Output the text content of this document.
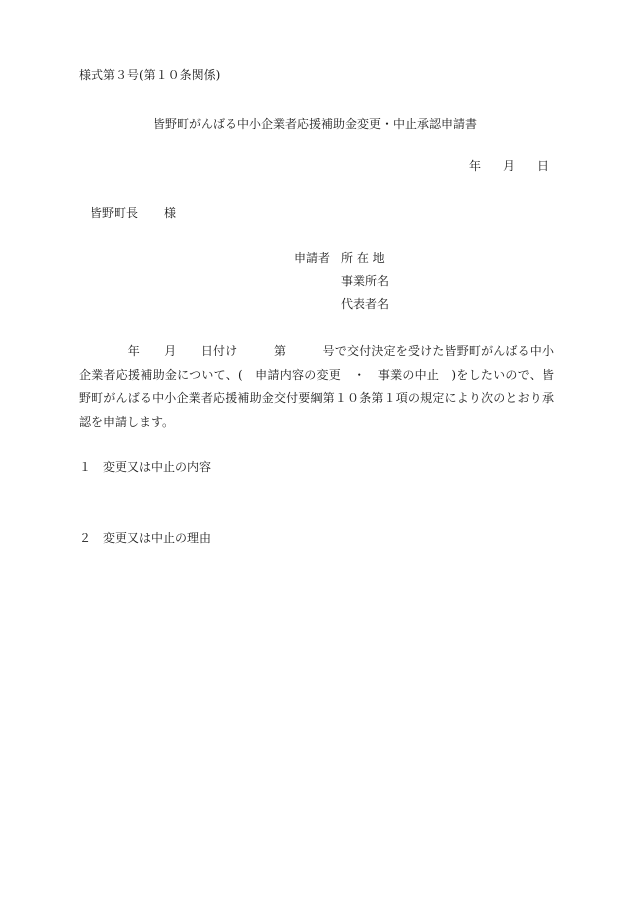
様式第３号(第１０条関係)
皆野町がんばる中小企業者応援補助金変更・中止承認申請書
年 月 日
皆野町長 様
申請者 所 在 地
事業所名
代表者名
　　　　年　　月　　日付け　　　第　　　号で交付決定を受けた皆野町がんばる中小企業者応援補助金について、(　申請内容の変更　・　事業の中止　)をしたいので、皆野町がんばる中小企業者応援補助金交付要綱第１０条第１項の規定により次のとおり承認を申請します。
１ 変更又は中止の内容
２ 変更又は中止の理由
